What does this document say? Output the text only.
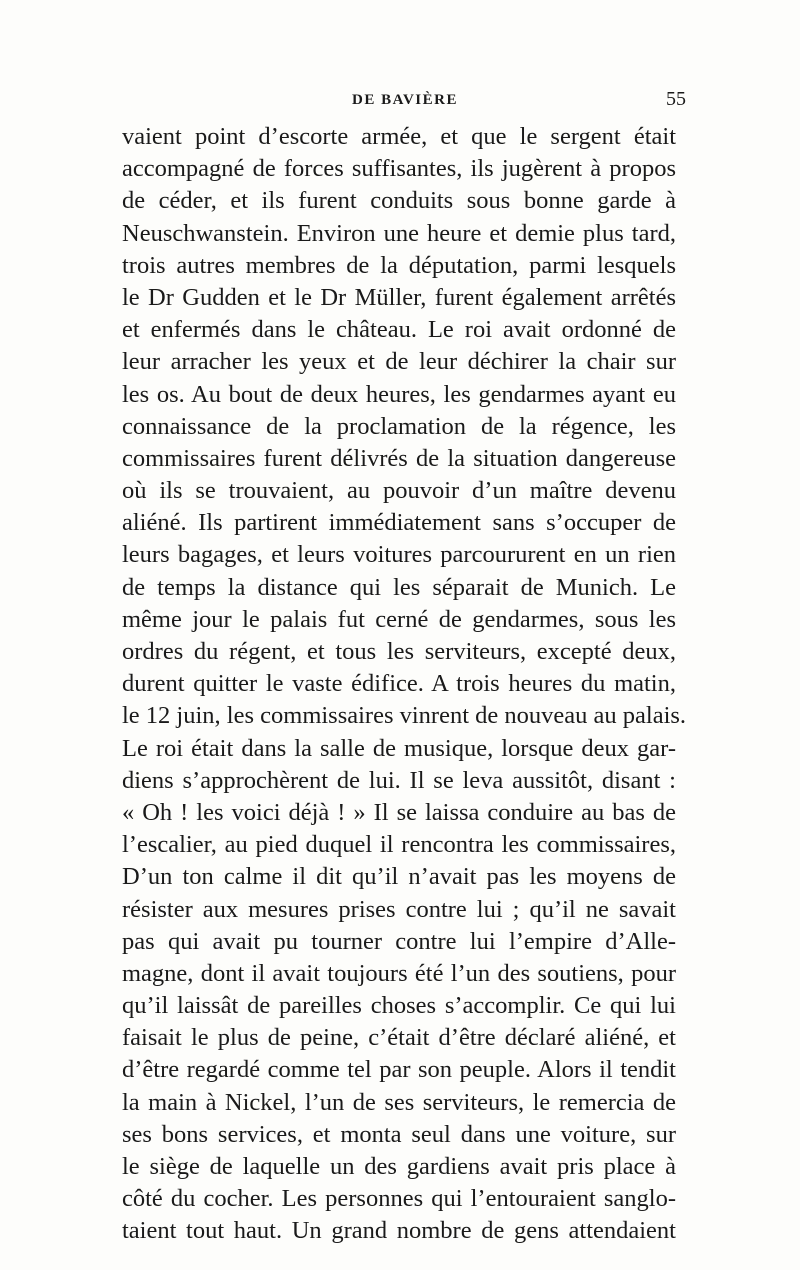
DE BAVIÈRE	55
vaient point d’escorte armée, et que le sergent était
accompagné de forces suffisantes, ils jugèrent à propos
de céder, et ils furent conduits sous bonne garde à
Neuschwanstein. Environ une heure et demie plus tard,
trois autres membres de la députation, parmi lesquels
le Dr Gudden et le Dr Müller, furent également arrêtés
et enfermés dans le château. Le roi avait ordonné de
leur arracher les yeux et de leur déchirer la chair sur
les os. Au bout de deux heures, les gendarmes ayant eu
connaissance de la proclamation de la régence, les
commissaires furent délivrés de la situation dangereuse
où ils se trouvaient, au pouvoir d’un maître devenu
aliéné. Ils partirent immédiatement sans s’occuper de
leurs bagages, et leurs voitures parcoururent en un rien
de temps la distance qui les séparait de Munich. Le
même jour le palais fut cerné de gendarmes, sous les
ordres du régent, et tous les serviteurs, excepté deux,
durent quitter le vaste édifice. A trois heures du matin,
le 12 juin, les commissaires vinrent de nouveau au palais.
Le roi était dans la salle de musique, lorsque deux gar-
diens s’approchèrent de lui. Il se leva aussitôt, disant :
« Oh ! les voici déjà ! » Il se laissa conduire au bas de
l’escalier, au pied duquel il rencontra les commissaires,
D’un ton calme il dit qu’il n’avait pas les moyens de
résister aux mesures prises contre lui ; qu’il ne savait
pas qui avait pu tourner contre lui l’empire d’Alle-
magne, dont il avait toujours été l’un des soutiens, pour
qu’il laissât de pareilles choses s’accomplir. Ce qui lui
faisait le plus de peine, c’était d’être déclaré aliéné, et
d’être regardé comme tel par son peuple. Alors il tendit
la main à Nickel, l’un de ses serviteurs, le remercia de
ses bons services, et monta seul dans une voiture, sur
le siège de laquelle un des gardiens avait pris place à
côté du cocher. Les personnes qui l’entouraient sanglo-
taient tout haut. Un grand nombre de gens attendaient
